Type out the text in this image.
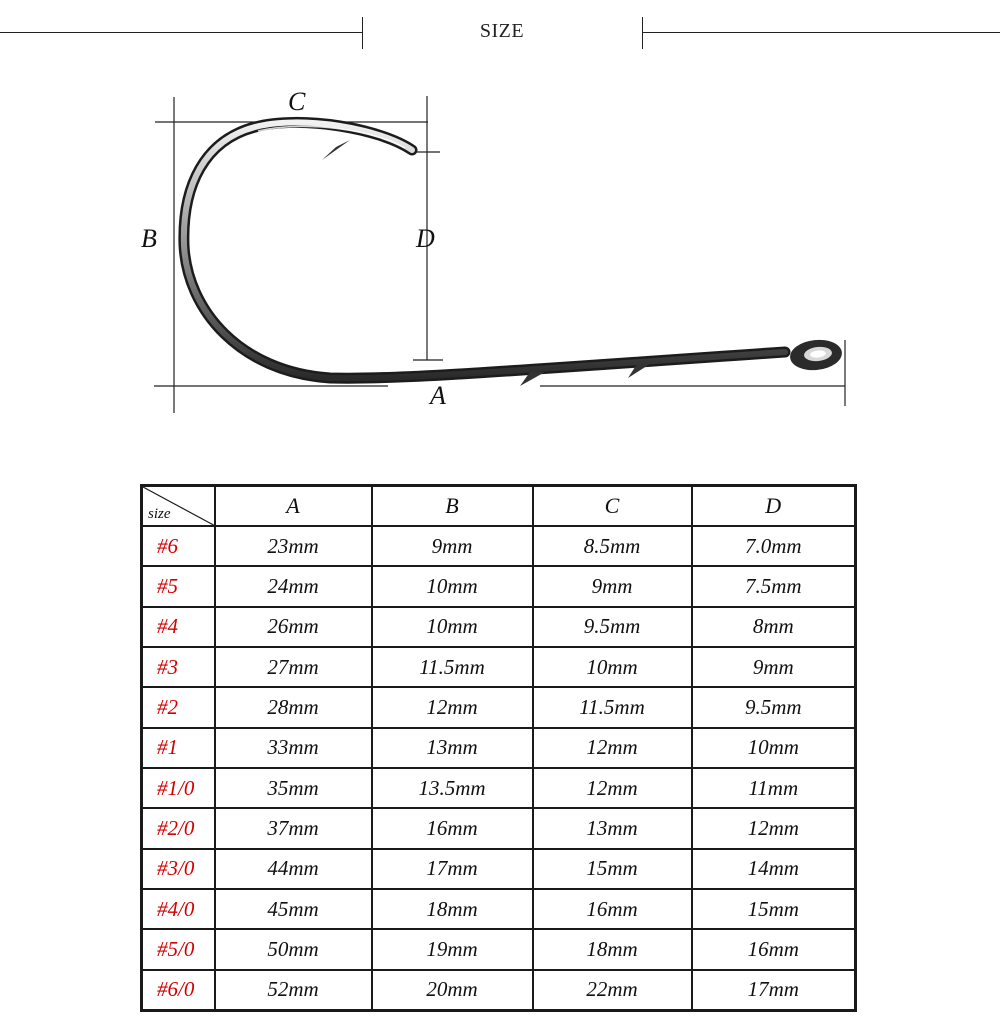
SIZE
C
B	D
A
size	A	B	C	D
#6	23mm	9mm	8.5mm	7.0mm
#5	24mm	10mm	9mm	7.5mm
#4	26mm	10mm	9.5mm	8mm
#3	27mm	11.5mm	10mm	9mm
#2	28mm	12mm	11.5mm	9.5mm
#1	33mm	13mm	12mm	10mm
#1/0	35mm	13.5mm	12mm	11mm
#2/0	37mm	16mm	13mm	12mm
#3/0	44mm	17mm	15mm	14mm
#4/0	45mm	18mm	16mm	15mm
#5/0	50mm	19mm	18mm	16mm
#6/0	52mm	20mm	22mm	17mm
